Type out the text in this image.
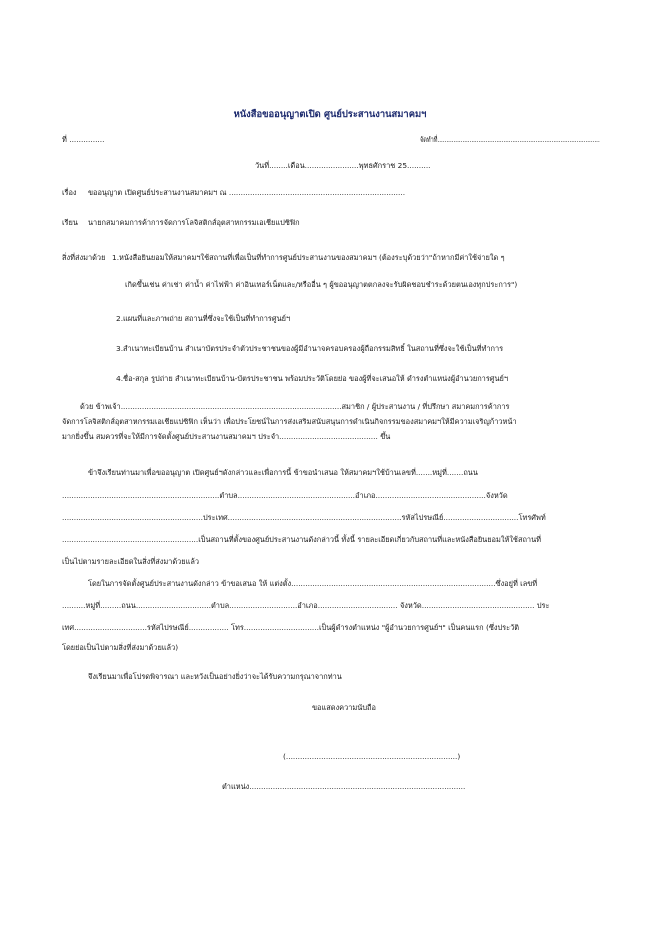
หนังสือขออนุญาตเปิด ศูนย์ประสานงานสมาคมฯ
ที่ ...............	จัดทำที่...........................................................................................
วันที่........เดือน.......................พุทธศักราช 25..........
เรื่อง ขออนุญาต เปิดศูนย์ประสานงานสมาคมฯ ณ ...........................................................................
เรียน นายกสมาคมการค้าการจัดการโลจิสติกส์อุตสาหกรรมเอเชียแปซิฟิก
สิ่งที่ส่งมาด้วย 1.หนังสือยินยอมให้สมาคมฯใช้สถานที่เพื่อเป็นที่ทำการศูนย์ประสานงานของสมาคมฯ (ต้องระบุด้วยว่า"ถ้าหากมีค่าใช้จ่ายใด ๆ
เกิดขึ้นเช่น ค่าเช่า ค่าน้ำ ค่าไฟฟ้า ค่าอินเทอร์เน็ตและ/หรืออื่น ๆ ผู้ขออนุญาตตกลงจะรับผิดชอบชำระด้วยตนเองทุกประการ")
2.แผนที่และภาพถ่าย สถานที่ซึ่งจะใช้เป็นที่ทำการศูนย์ฯ
3.สำเนาทะเบียนบ้าน สำเนาบัตรประจำตัวประชาชนของผู้มีอำนาจครอบครองผู้ถือกรรมสิทธิ์ ในสถานที่ซึ่งจะใช้เป็นที่ทำการ
4.ชื่อ-สกุล รูปถ่าย สำเนาทะเบียนบ้าน-บัตรประชาชน พร้อมประวัติโดยย่อ ของผู้ที่จะเสนอให้ ดำรงตำแหน่งผู้อำนวยการศูนย์ฯ
ด้วย ข้าพเจ้า..............................................................................................สมาชิก / ผู้ประสานงาน / ที่ปรึกษา สมาคมการค้าการ
จัดการโลจิสติกส์อุตสาหกรรมเอเชียแปซิฟิก เห็นว่า เพื่อประโยชน์ในการส่งเสริมสนับสนุนการดำเนินกิจกรรมของสมาคมฯให้มีความเจริญก้าวหน้า
มากยิ่งขึ้น สมควรที่จะให้มีการจัดตั้งศูนย์ประสานงานสมาคมฯ ประจำ.......................................... ขึ้น
ข้าจึงเรียนท่านมาเพื่อขออนุญาต เปิดศูนย์ฯดังกล่าวและเพื่อการนี้ ข้าขอนำเสนอ ให้สมาคมฯใช้บ้านเลขที่.......หมู่ที่.......ถนน
...................................................................ตำบล..................................................อำเภอ...............................................จังหวัด
............................................................ประเทศ..........................................................................รหัสไปรษณีย์................................โทรศัพท์
..........................................................เป็นสถานที่ตั้งของศูนย์ประสานงานดังกล่าวนี้ ทั้งนี้ รายละเอียดเกี่ยวกับสถานที่และหนังสือยินยอมให้ใช้สถานที่
เป็นไปตามรายละเอียดในสิ่งที่ส่งมาด้วยแล้ว
โดยในการจัดตั้งศูนย์ประสานงานดังกล่าว ข้าขอเสนอ ให้ แต่งตั้ง.......................................................................................ซึ่งอยู่ที่ เลขที่
..........หมู่ที่.........ถนน................................ตำบล.............................อำเภอ.................................. จังหวัด................................................ ประ
เทศ...............................รหัสไปรษณีย์................. โทร................................เป็นผู้ดำรงตำแหน่ง "ผู้อำนวยการศูนย์ฯ" เป็นคนแรก (ซึ่งประวัติ
โดยย่อเป็นไปตามสิ่งที่ส่งมาด้วยแล้ว)
จึงเรียนมาเพื่อโปรดพิจารณา และหวังเป็นอย่างยิ่งว่าจะได้รับความกรุณาจากท่าน
ขอแสดงความนับถือ
(.........................................................................)
ตำแหน่ง............................................................................................
